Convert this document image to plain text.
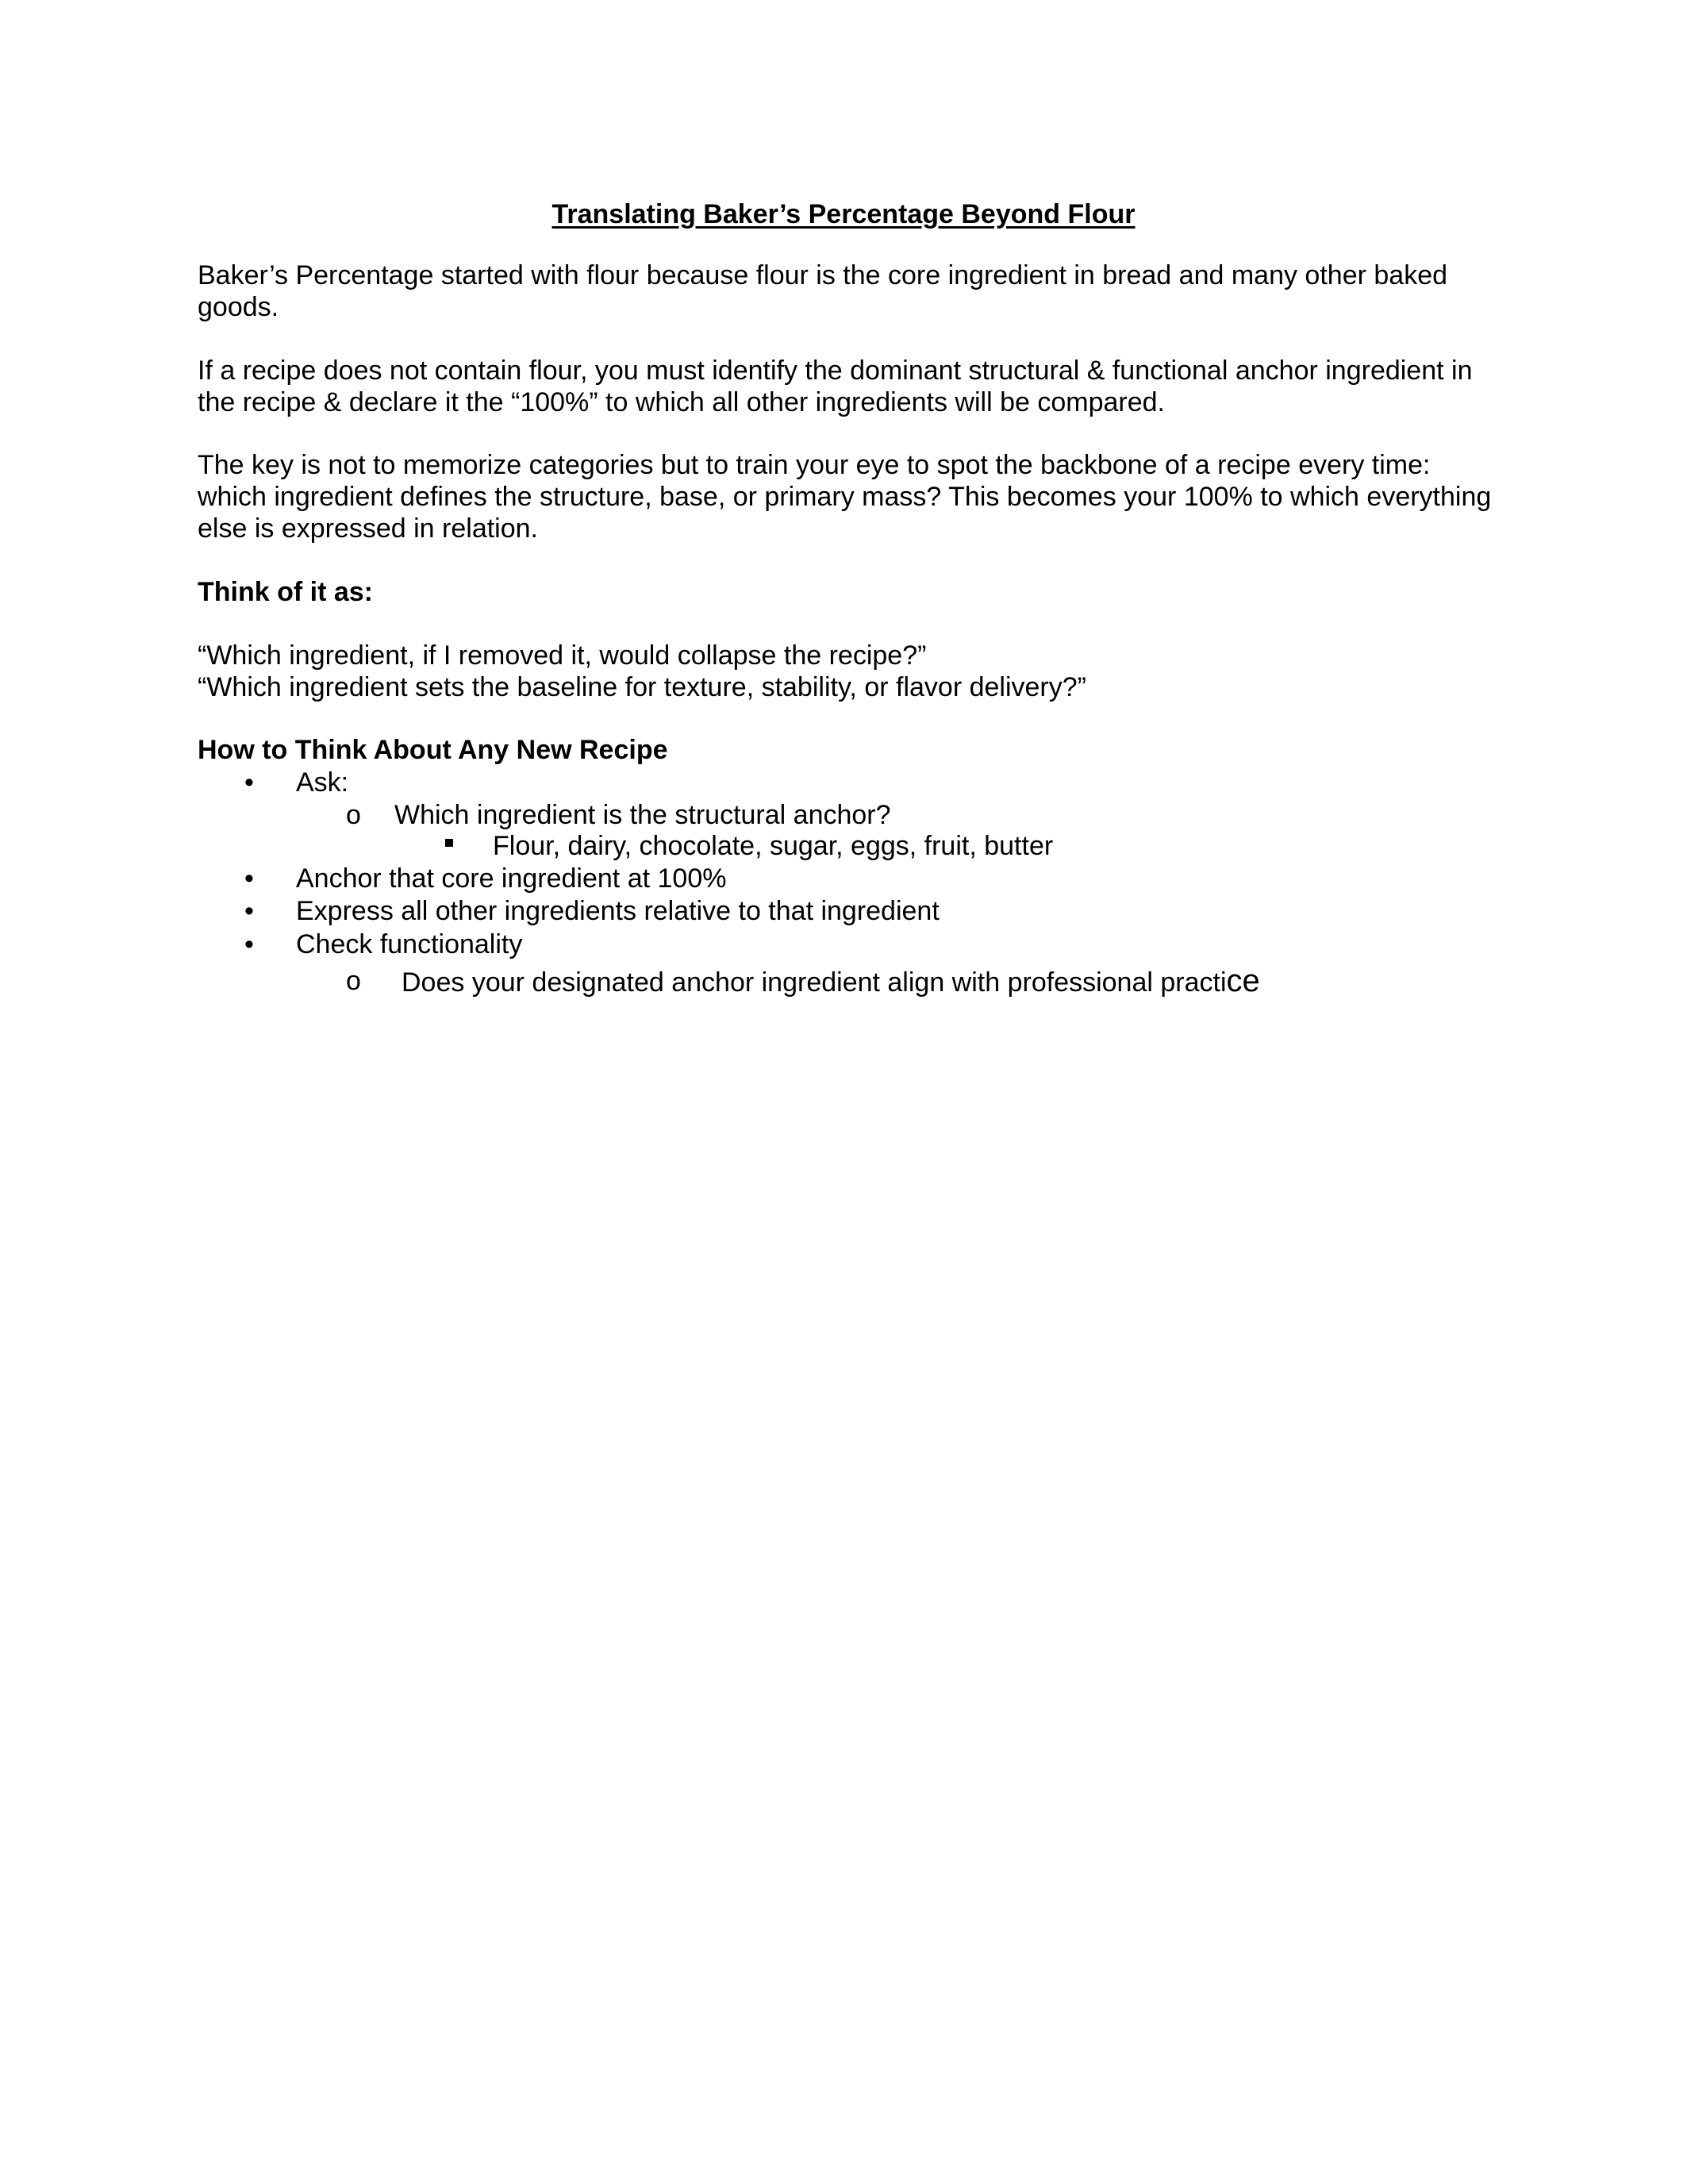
Translating Baker’s Percentage Beyond Flour
Baker’s Percentage started with flour because flour is the core ingredient in bread and many other baked goods.
If a recipe does not contain flour, you must identify the dominant structural & functional anchor ingredient in the recipe & declare it the “100%” to which all other ingredients will be compared.
The key is not to memorize categories but to train your eye to spot the backbone of a recipe every time: which ingredient defines the structure, base, or primary mass? This becomes your 100% to which everything else is expressed in relation.
Think of it as:
“Which ingredient, if I removed it, would collapse the recipe?”
“Which ingredient sets the baseline for texture, stability, or flavor delivery?”
How to Think About Any New Recipe
• Ask:
o Which ingredient is the structural anchor?
Flour, dairy, chocolate, sugar, eggs, fruit, butter
• Anchor that core ingredient at 100%
• Express all other ingredients relative to that ingredient
• Check functionality
o Does your designated anchor ingredient align with professional practice
